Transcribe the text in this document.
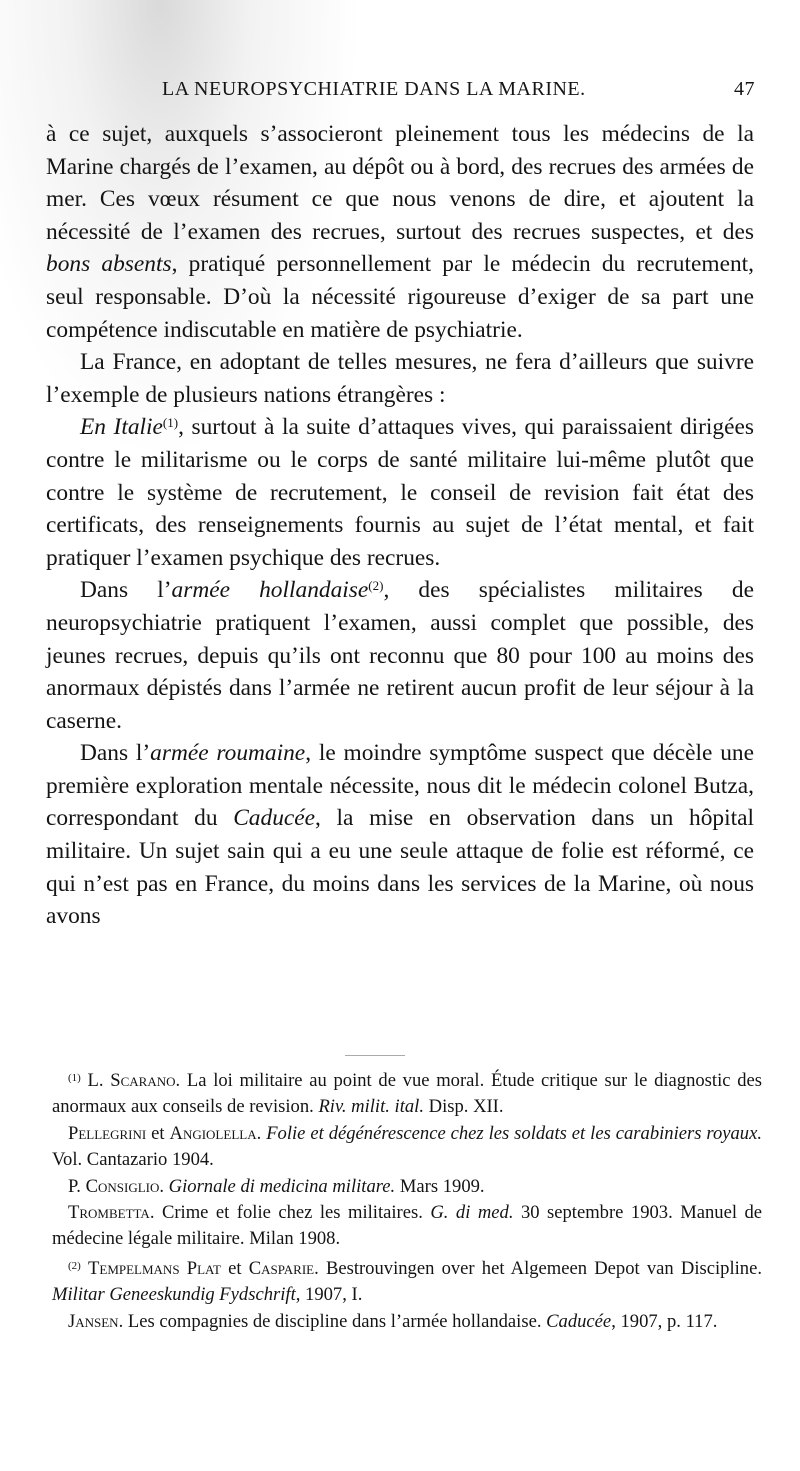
LA NEUROPSYCHIATRIE DANS LA MARINE.	47

à ce sujet, auxquels s’associeront pleinement tous les médecins de la Marine chargés de l’examen, au dépôt ou à bord, des recrues des armées de mer. Ces vœux résument ce que nous venons de dire, et ajoutent la nécessité de l’examen des recrues, surtout des recrues suspectes, et des bons absents, pratiqué personnellement par le médecin du recrutement, seul responsable. D’où la nécessité rigoureuse d’exiger de sa part une compétence indiscutable en matière de psychiatrie.

La France, en adoptant de telles mesures, ne fera d’ailleurs que suivre l’exemple de plusieurs nations étrangères :

En Italie$^{(1)}$, surtout à la suite d’attaques vives, qui paraissaient dirigées contre le militarisme ou le corps de santé militaire lui-même plutôt que contre le système de recrutement, le conseil de revision fait état des certificats, des renseignements fournis au sujet de l’état mental, et fait pratiquer l’examen psychique des recrues.

Dans l’armée hollandaise$^{(2)}$, des spécialistes militaires de neuropsychiatrie pratiquent l’examen, aussi complet que possible, des jeunes recrues, depuis qu’ils ont reconnu que 80 pour 100 au moins des anormaux dépistés dans l’armée ne retirent aucun profit de leur séjour à la caserne.

Dans l’armée roumaine, le moindre symptôme suspect que décèle une première exploration mentale nécessite, nous dit le médecin colonel Butza, correspondant du Caducée, la mise en observation dans un hôpital militaire. Un sujet sain qui a eu une seule attaque de folie est réformé, ce qui n’est pas en France, du moins dans les services de la Marine, où nous avons

$^{(1)}$ L. Scarano. La loi militaire au point de vue moral. Étude critique sur le diagnostic des anormaux aux conseils de revision. Riv. milit. ital. Disp. XII.

Pellegrini et Angiolella. Folie et dégénérescence chez les soldats et les carabiniers royaux. Vol. Cantazario 1904.

P. Consiglio. Giornale di medicina militare. Mars 1909.

Trombetta. Crime et folie chez les militaires. G. di med. 30 septembre 1903. Manuel de médecine légale militaire. Milan 1908.

$^{(2)}$ Tempelmans Plat et Casparie. Bestrouvingen over het Algemeen Depot van Discipline. Militar Geneeskundig Fydschrift, 1907, I.

Jansen. Les compagnies de discipline dans l’armée hollandaise. Caducée, 1907, p. 117.
